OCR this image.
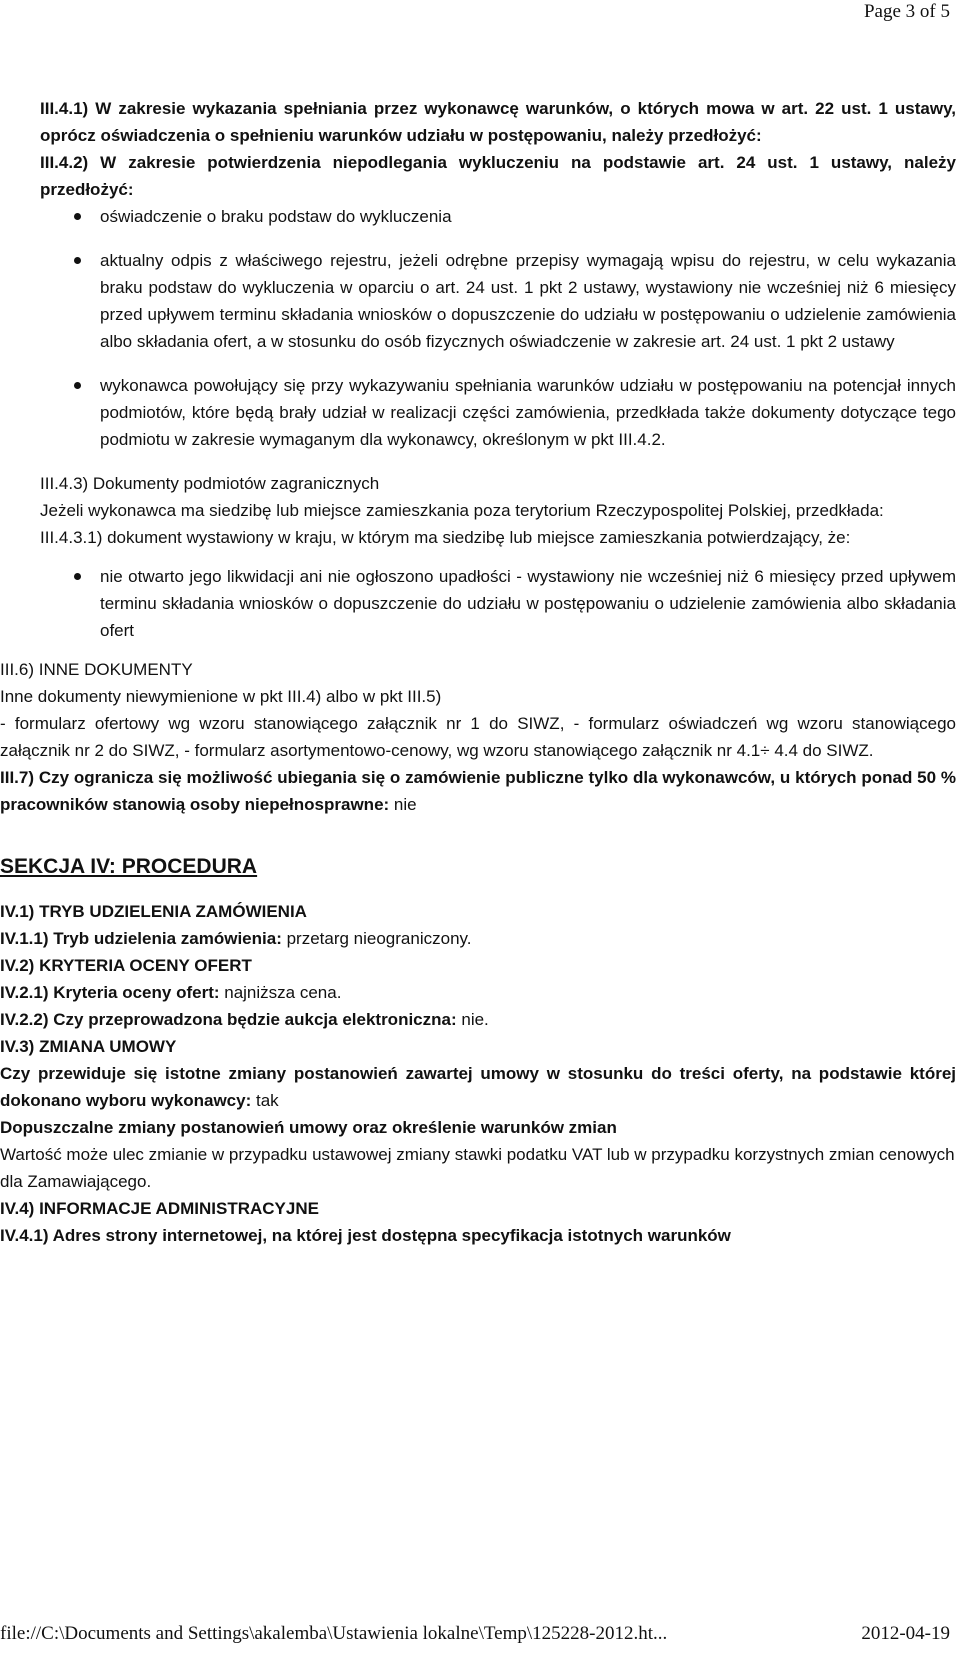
Page 3 of 5

III.4.1) W zakresie wykazania spełniania przez wykonawcę warunków, o których mowa w art. 22 ust. 1 ustawy, oprócz oświadczenia o spełnieniu warunków udziału w postępowaniu, należy przedłożyć:

III.4.2) W zakresie potwierdzenia niepodlegania wykluczeniu na podstawie art. 24 ust. 1 ustawy, należy przedłożyć:

oświadczenie o braku podstaw do wykluczenia
aktualny odpis z właściwego rejestru, jeżeli odrębne przepisy wymagają wpisu do rejestru, w celu wykazania braku podstaw do wykluczenia w oparciu o art. 24 ust. 1 pkt 2 ustawy, wystawiony nie wcześniej niż 6 miesięcy przed upływem terminu składania wniosków o dopuszczenie do udziału w postępowaniu o udzielenie zamówienia albo składania ofert, a w stosunku do osób fizycznych oświadczenie w zakresie art. 24 ust. 1 pkt 2 ustawy
wykonawca powołujący się przy wykazywaniu spełniania warunków udziału w postępowaniu na potencjał innych podmiotów, które będą brały udział w realizacji części zamówienia, przedkłada także dokumenty dotyczące tego podmiotu w zakresie wymaganym dla wykonawcy, określonym w pkt III.4.2.

III.4.3) Dokumenty podmiotów zagranicznych

Jeżeli wykonawca ma siedzibę lub miejsce zamieszkania poza terytorium Rzeczypospolitej Polskiej, przedkłada:

III.4.3.1) dokument wystawiony w kraju, w którym ma siedzibę lub miejsce zamieszkania potwierdzający, że:

nie otwarto jego likwidacji ani nie ogłoszono upadłości - wystawiony nie wcześniej niż 6 miesięcy przed upływem terminu składania wniosków o dopuszczenie do udziału w postępowaniu o udzielenie zamówienia albo składania ofert

III.6) INNE DOKUMENTY

Inne dokumenty niewymienione w pkt III.4) albo w pkt III.5)

- formularz ofertowy wg wzoru stanowiącego załącznik nr 1 do SIWZ, - formularz oświadczeń wg wzoru stanowiącego załącznik nr 2 do SIWZ, - formularz asortymentowo-cenowy, wg wzoru stanowiącego załącznik nr 4.1÷ 4.4 do SIWZ.

III.7) Czy ogranicza się możliwość ubiegania się o zamówienie publiczne tylko dla wykonawców, u których ponad 50 % pracowników stanowią osoby niepełnosprawne: nie

SEKCJA IV: PROCEDURA

IV.1) TRYB UDZIELENIA ZAMÓWIENIA

IV.1.1) Tryb udzielenia zamówienia: przetarg nieograniczony.

IV.2) KRYTERIA OCENY OFERT

IV.2.1) Kryteria oceny ofert: najniższa cena.

IV.2.2) Czy przeprowadzona będzie aukcja elektroniczna: nie.

IV.3) ZMIANA UMOWY

Czy przewiduje się istotne zmiany postanowień zawartej umowy w stosunku do treści oferty, na podstawie której dokonano wyboru wykonawcy: tak

Dopuszczalne zmiany postanowień umowy oraz określenie warunków zmian

Wartość może ulec zmianie w przypadku ustawowej zmiany stawki podatku VAT lub w przypadku korzystnych zmian cenowych dla Zamawiającego.

IV.4) INFORMACJE ADMINISTRACYJNE

IV.4.1) Adres strony internetowej, na której jest dostępna specyfikacja istotnych warunków

file://C:\Documents and Settings\akalemba\Ustawienia lokalne\Temp\125228-2012.ht...	2012-04-19
